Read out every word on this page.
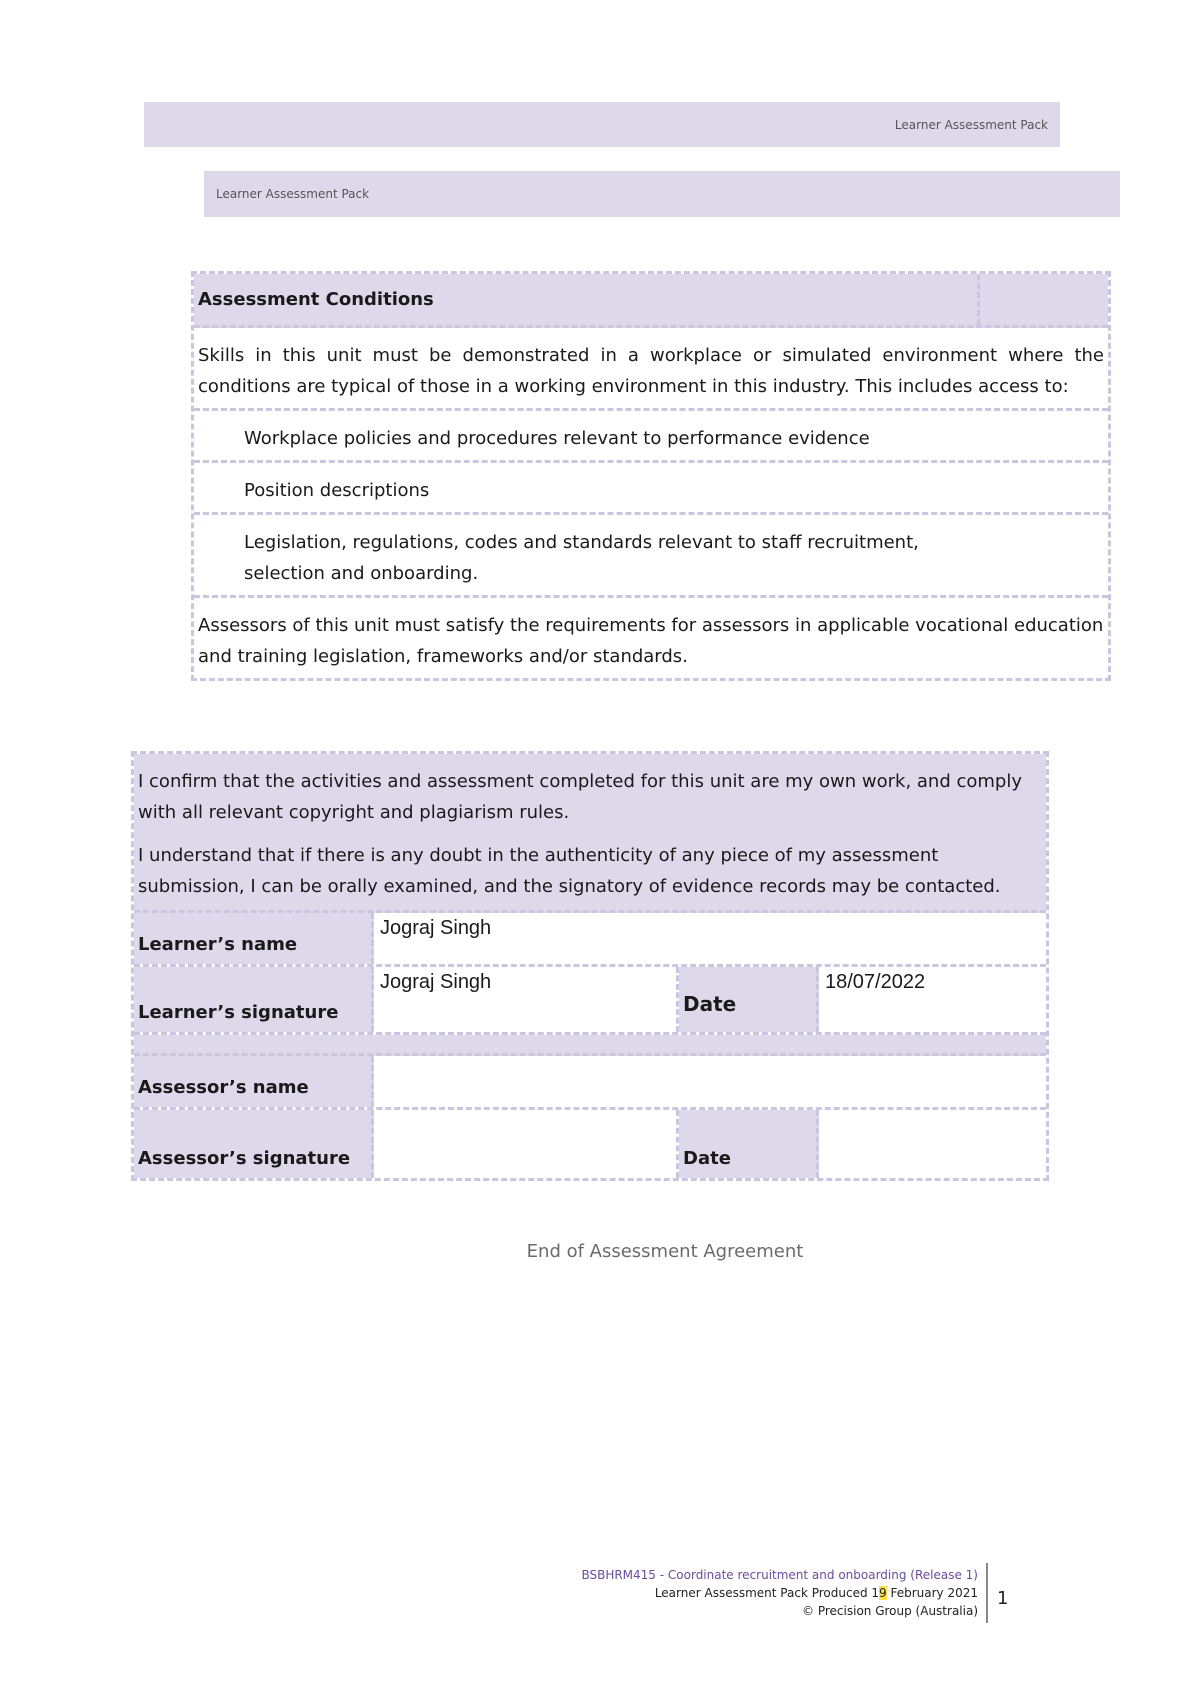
Learner Assessment Pack
Learner Assessment Pack
Assessment Conditions
Skills in this unit must be demonstrated in a workplace or simulated environment where the conditions are typical of those in a working environment in this industry. This includes access to:
Workplace policies and procedures relevant to performance evidence
Position descriptions
Legislation, regulations, codes and standards relevant to staff recruitment, selection and onboarding.
Assessors of this unit must satisfy the requirements for assessors in applicable vocational education and training legislation, frameworks and/or standards.

I confirm that the activities and assessment completed for this unit are my own work, and comply with all relevant copyright and plagiarism rules.

I understand that if there is any doubt in the authenticity of any piece of my assessment submission, I can be orally examined, and the signatory of evidence records may be contacted.

Learner’s name
Jograj Singh
Learner’s signature
Jograj Singh
Date
18/07/2022
Assessor’s name
Assessor’s signature	Date
End of Assessment Agreement
BSBHRM415 - Coordinate recruitment and onboarding (Release 1)
Learner Assessment Pack Produced 19 February 2021
© Precision Group (Australia)
1
